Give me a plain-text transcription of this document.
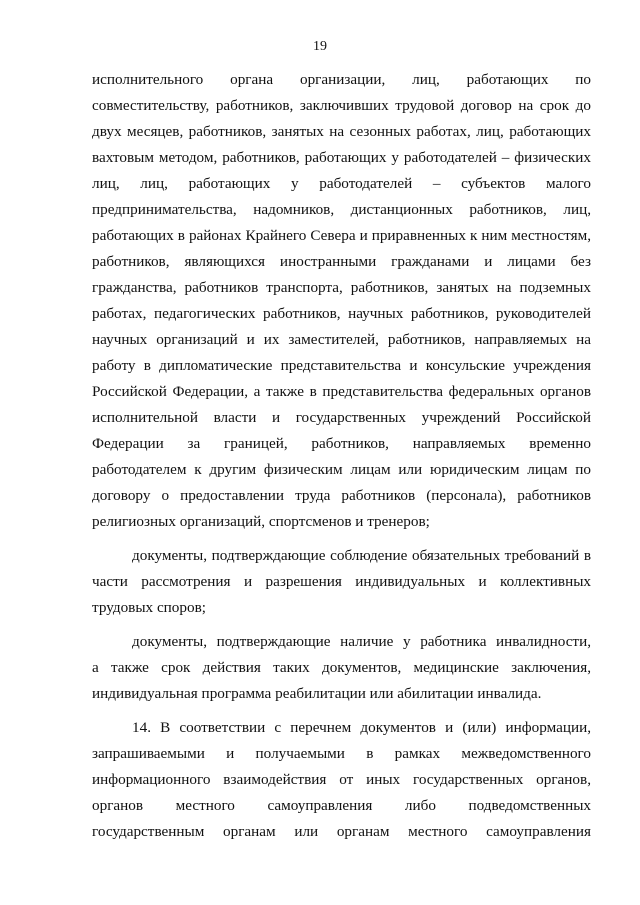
19
исполнительного органа организации, лиц, работающих по
совместительству, работников, заключивших трудовой договор на срок до
двух месяцев, работников, занятых на сезонных работах, лиц, работающих
вахтовым методом, работников, работающих у работодателей – физических
лиц, лиц, работающих у работодателей – субъектов малого
предпринимательства, надомников, дистанционных работников, лиц,
работающих в районах Крайнего Севера и приравненных к ним местностям,
работников, являющихся иностранными гражданами и лицами без
гражданства, работников транспорта, работников, занятых на подземных
работах, педагогических работников, научных работников, руководителей
научных организаций и их заместителей, работников, направляемых на
работу в дипломатические представительства и консульские учреждения
Российской Федерации, а также в представительства федеральных органов
исполнительной власти и государственных учреждений Российской
Федерации за границей, работников, направляемых временно
работодателем к другим физическим лицам или юридическим лицам по
договору о предоставлении труда работников (персонала), работников
религиозных организаций, спортсменов и тренеров;
документы, подтверждающие соблюдение обязательных требований в
части рассмотрения и разрешения индивидуальных и коллективных
трудовых споров;
документы, подтверждающие наличие у работника инвалидности,
а также срок действия таких документов, медицинские заключения,
индивидуальная программа реабилитации или абилитации инвалида.
14. В соответствии с перечнем документов и (или) информации,
запрашиваемыми и получаемыми в рамках межведомственного
информационного взаимодействия от иных государственных органов,
органов местного самоуправления либо подведомственных
государственным органам или органам местного самоуправления
